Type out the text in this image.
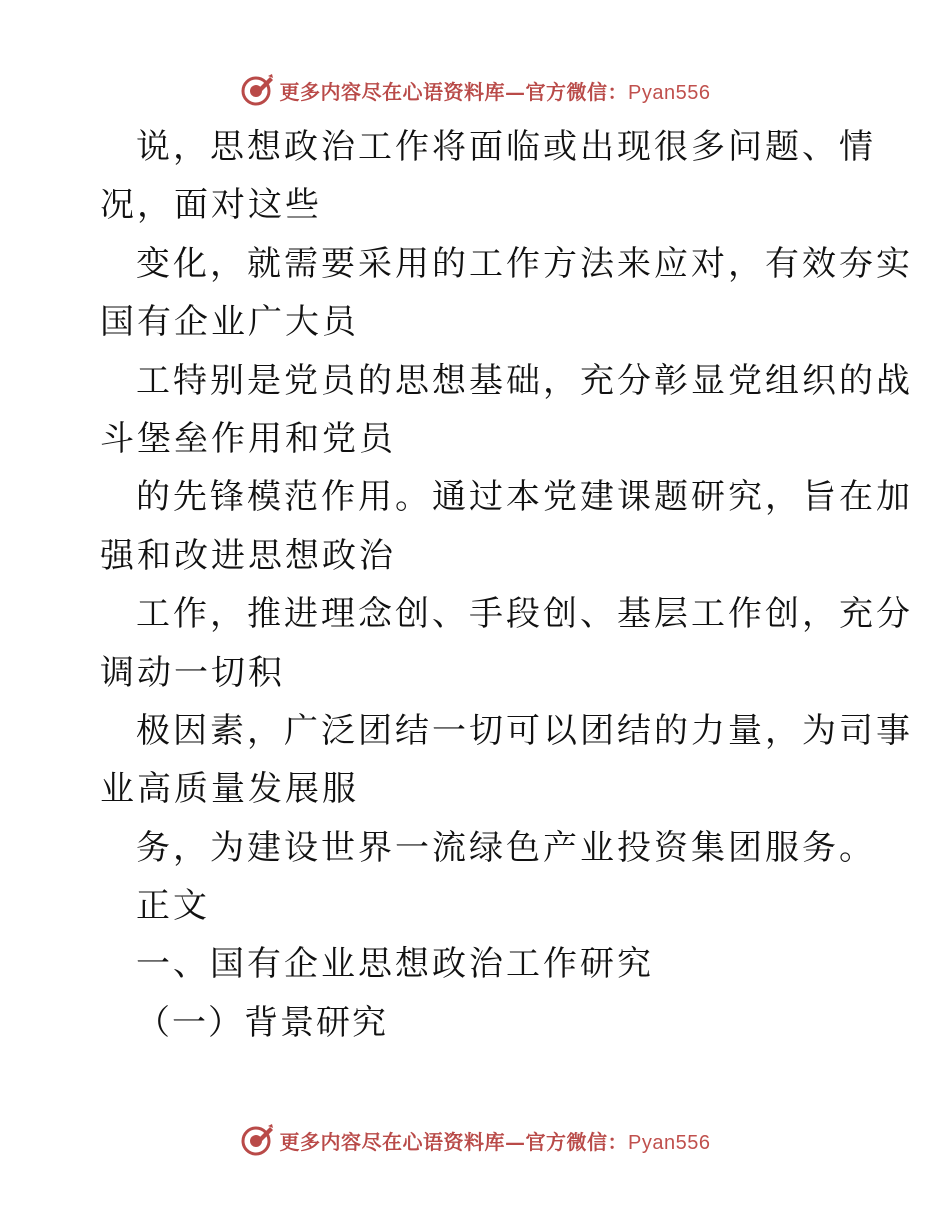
更多内容尽在心语资料库—官方微信：Pyan556
说，思想政治工作将面临或出现很多问题、情
况，面对这些
变化，就需要采用的工作方法来应对，有效夯实
国有企业广大员
工特别是党员的思想基础，充分彰显党组织的战
斗堡垒作用和党员
的先锋模范作用。通过本党建课题研究，旨在加
强和改进思想政治
工作，推进理念创、手段创、基层工作创，充分
调动一切积
极因素，广泛团结一切可以团结的力量，为司事
业高质量发展服
务，为建设世界一流绿色产业投资集团服务。
正文
一、国有企业思想政治工作研究
（一）背景研究
更多内容尽在心语资料库—官方微信：Pyan556
